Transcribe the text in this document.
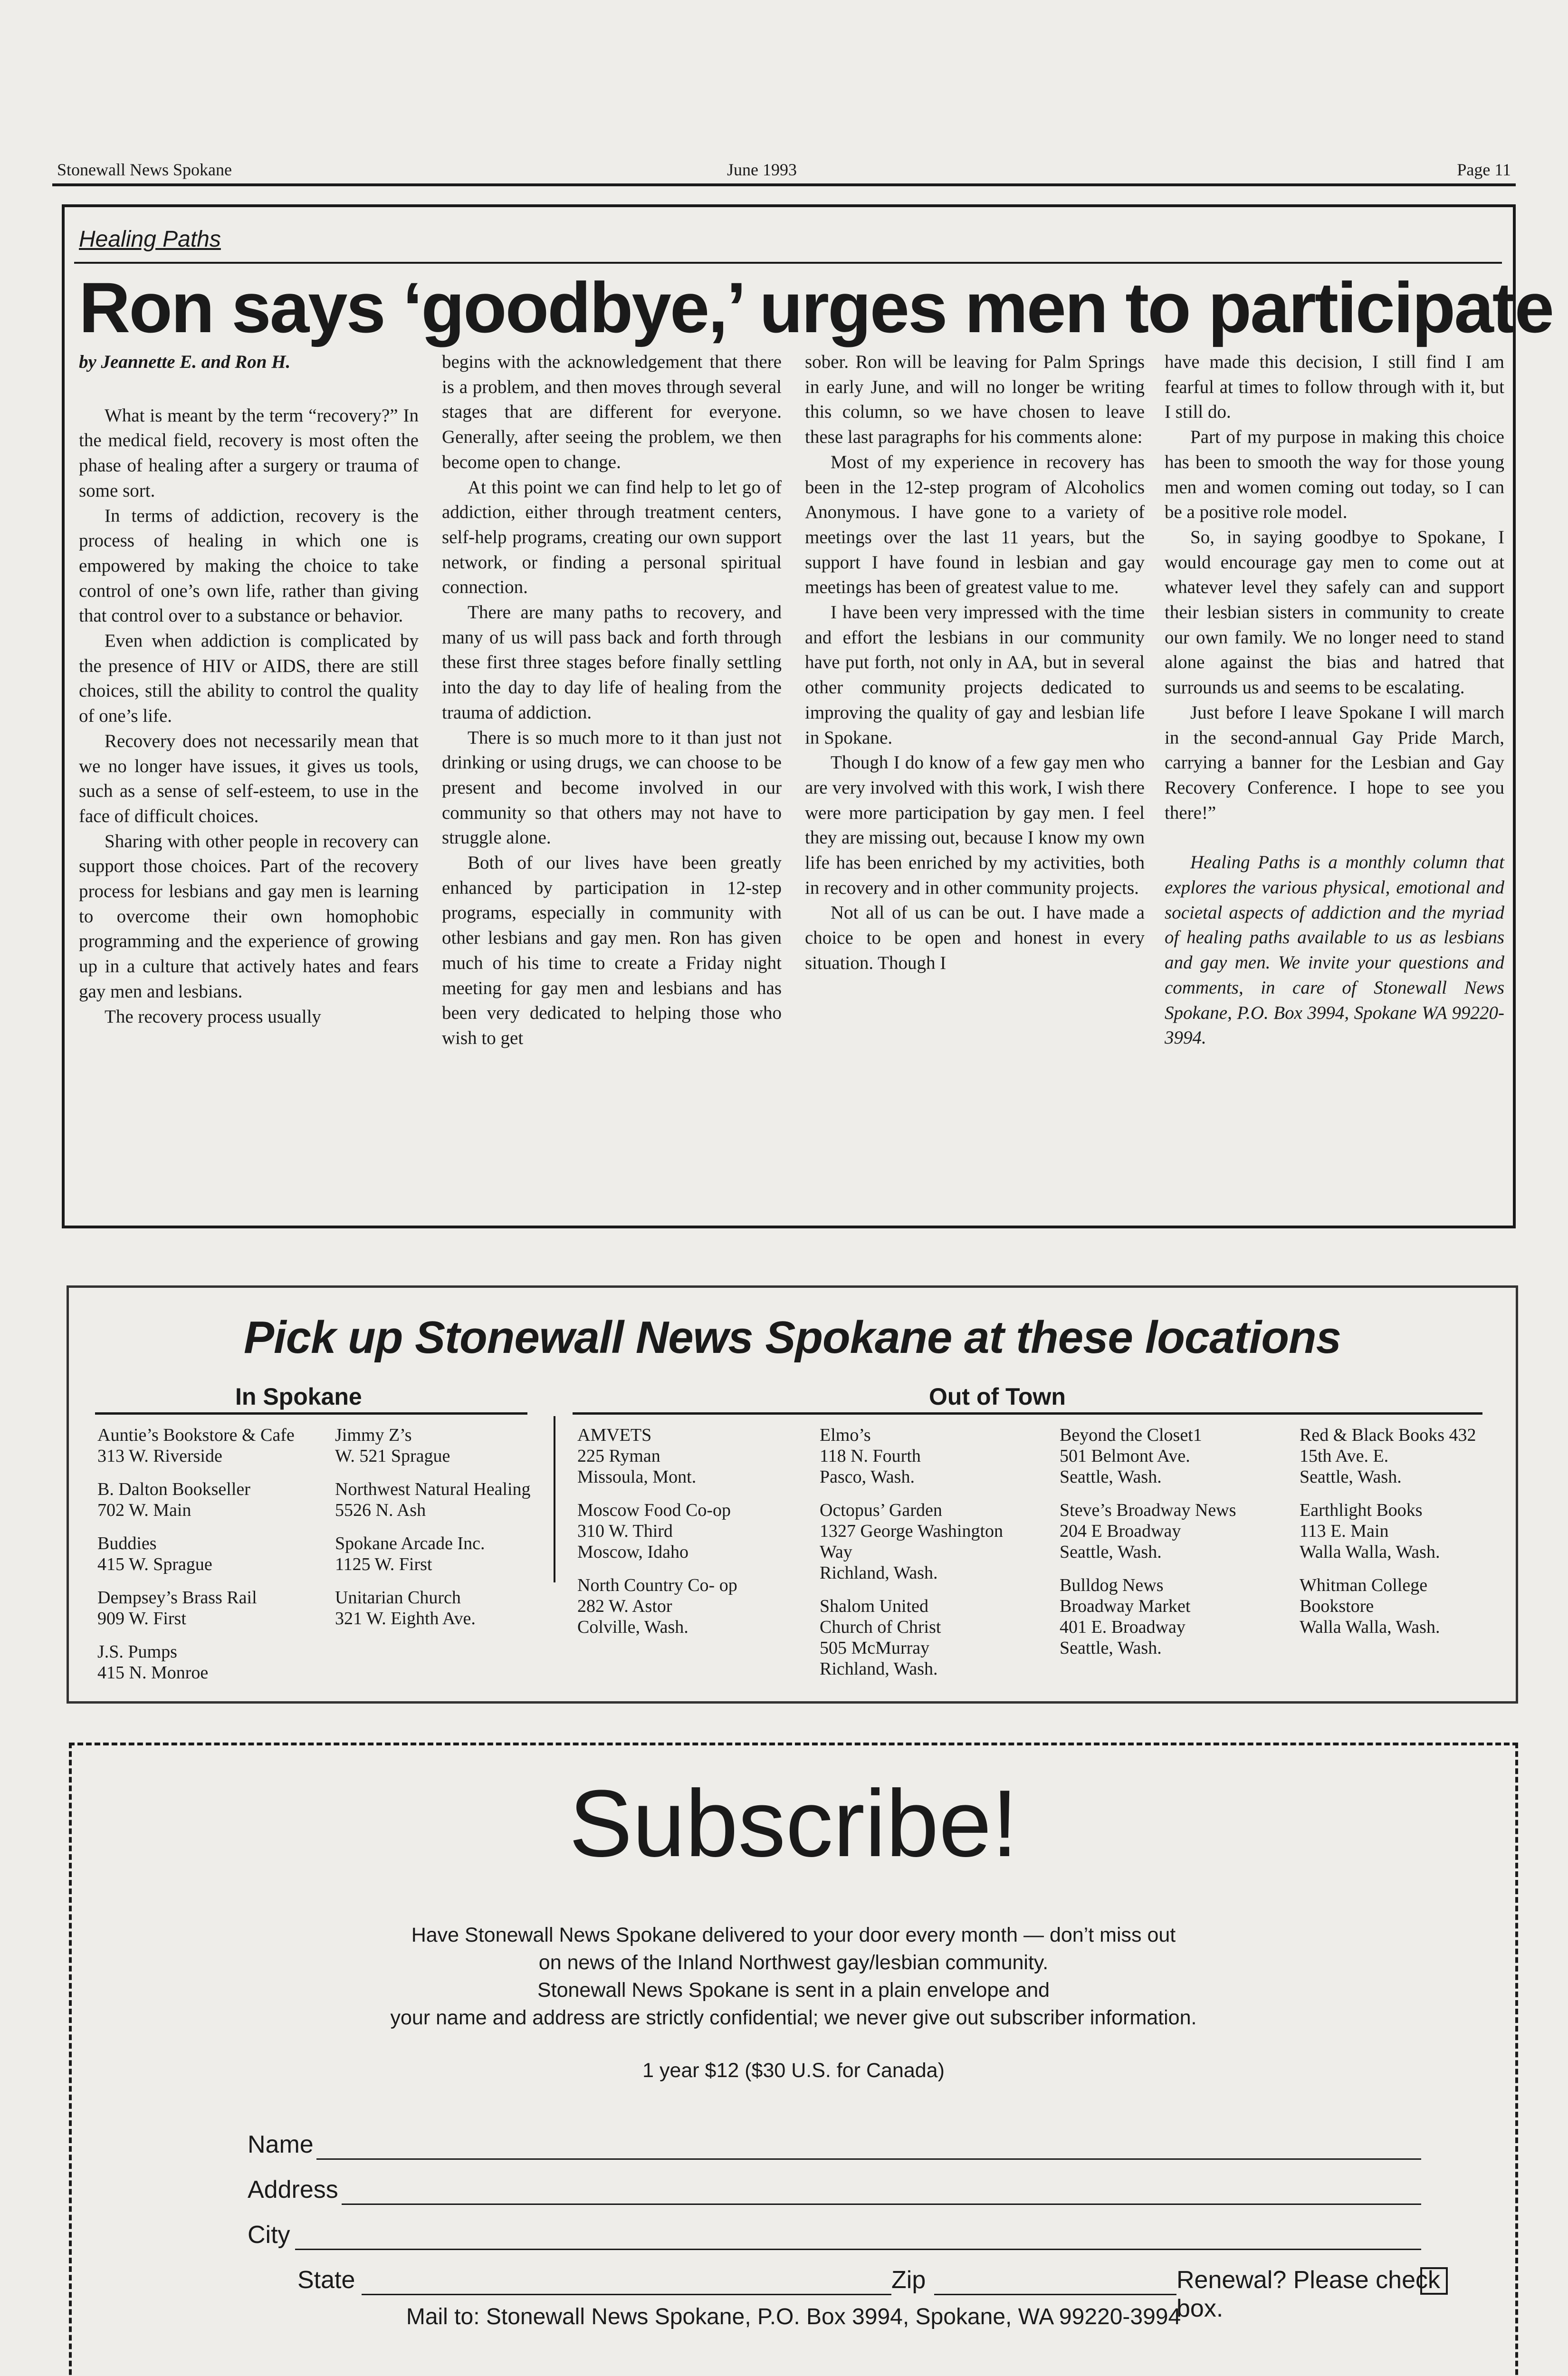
Stonewall News Spokane	June 1993	Page 11
Healing Paths
Ron says ‘goodbye,’ urges men to participate

by Jeannette E. and Ron H.

What is meant by the term “recovery?” In the medical field, recovery is most often the phase of healing after a surgery or trauma of some sort.

In terms of addiction, recovery is the process of healing in which one is empowered by making the choice to take control of one’s own life, rather than giving that control over to a substance or behavior.

Even when addiction is complicated by the presence of HIV or AIDS, there are still choices, still the ability to control the quality of one’s life.

Recovery does not necessarily mean that we no longer have issues, it gives us tools, such as a sense of self-esteem, to use in the face of difficult choices.

Sharing with other people in recovery can support those choices. Part of the recovery process for lesbians and gay men is learning to overcome their own homophobic programming and the experience of growing up in a culture that actively hates and fears gay men and lesbians.

The recovery process usually

begins with the acknowledgement that there is a problem, and then moves through several stages that are different for everyone. Generally, after seeing the problem, we then become open to change.

At this point we can find help to let go of addiction, either through treatment centers, self-help programs, creating our own support network, or finding a personal spiritual connection.

There are many paths to recovery, and many of us will pass back and forth through these first three stages before finally settling into the day to day life of healing from the trauma of addiction.

There is so much more to it than just not drinking or using drugs, we can choose to be present and become involved in our community so that others may not have to struggle alone.

Both of our lives have been greatly enhanced by participation in 12-step programs, especially in community with other lesbians and gay men. Ron has given much of his time to create a Friday night meeting for gay men and lesbians and has been very dedicated to helping those who wish to get

sober. Ron will be leaving for Palm Springs in early June, and will no longer be writing this column, so we have chosen to leave these last paragraphs for his comments alone:

Most of my experience in recovery has been in the 12-step program of Alcoholics Anonymous. I have gone to a variety of meetings over the last 11 years, but the support I have found in lesbian and gay meetings has been of greatest value to me.

I have been very impressed with the time and effort the lesbians in our community have put forth, not only in AA, but in several other community projects dedicated to improving the quality of gay and lesbian life in Spokane.

Though I do know of a few gay men who are very involved with this work, I wish there were more participation by gay men. I feel they are missing out, because I know my own life has been enriched by my activities, both in recovery and in other community projects.

Not all of us can be out. I have made a choice to be open and honest in every situation. Though I

have made this decision, I still find I am fearful at times to follow through with it, but I still do.

Part of my purpose in making this choice has been to smooth the way for those young men and women coming out today, so I can be a positive role model.

So, in saying goodbye to Spokane, I would encourage gay men to come out at whatever level they safely can and support their lesbian sisters in community to create our own family. We no longer need to stand alone against the bias and hatred that surrounds us and seems to be escalating.

Just before I leave Spokane I will march in the second-annual Gay Pride March, carrying a banner for the Lesbian and Gay Recovery Conference. I hope to see you there!”

Healing Paths is a monthly column that explores the various physical, emotional and societal aspects of addiction and the myriad of healing paths available to us as lesbians and gay men. We invite your questions and comments, in care of Stonewall News Spokane, P.O. Box 3994, Spokane WA 99220-3994.

Pick up Stonewall News Spokane at these locations
In Spokane	Out of Town
Auntie’s Bookstore & Cafe
313 W. Riverside
B. Dalton Bookseller
702 W. Main
Buddies
415 W. Sprague
Dempsey’s Brass Rail
909 W. First
J.S. Pumps
415 N. Monroe
Jimmy Z’s
W. 521 Sprague
Northwest Natural Healing
5526 N. Ash
Spokane Arcade Inc.
1125 W. First
Unitarian Church
321 W. Eighth Ave.
AMVETS
225 Ryman
Missoula, Mont.
Moscow Food Co-op
310 W. Third
Moscow, Idaho
North Country Co- op
282 W. Astor
Colville, Wash.
Elmo’s
118 N. Fourth
Pasco, Wash.
Octopus’ Garden
1327 George Washington
Way
Richland, Wash.
Shalom United
Church of Christ
505 McMurray
Richland, Wash.
Beyond the Closet1
501 Belmont Ave.
Seattle, Wash.
Steve’s Broadway News
204 E Broadway
Seattle, Wash.
Bulldog News
Broadway Market
401 E. Broadway
Seattle, Wash.
Red & Black Books 432
15th Ave. E.
Seattle, Wash.
Earthlight Books
113 E. Main
Walla Walla, Wash.
Whitman College
Bookstore
Walla Walla, Wash.
Subscribe!
Have Stonewall News Spokane delivered to your door every month — don’t miss out
on news of the Inland Northwest gay/lesbian community.
Stonewall News Spokane is sent in a plain envelope and
your name and address are strictly confidential; we never give out subscriber information.
1 year $12 ($30 U.S. for Canada)
Name
Address
City
State	Zip	Renewal? Please check box.
Mail to: Stonewall News Spokane, P.O. Box 3994, Spokane, WA 99220-3994
